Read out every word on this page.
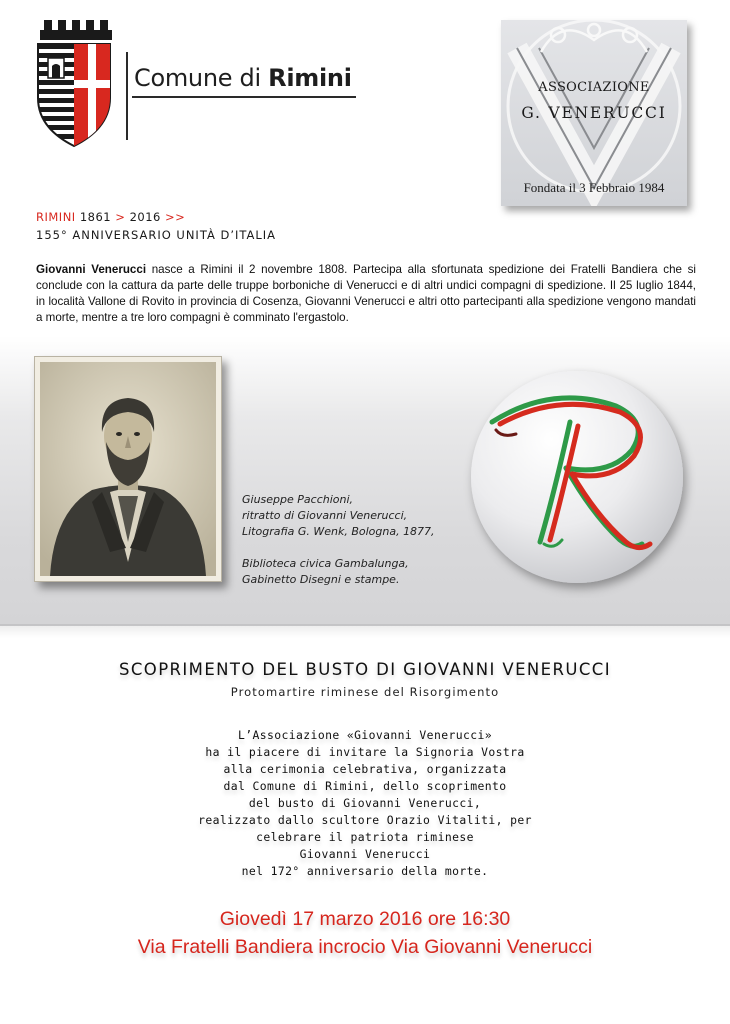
Comune di Rimini	ASSOCIAZIONE
G. VENERUCCI
Fondata il 3 Febbraio 1984
RIMINI 1861 > 2016 >>
155° ANNIVERSARIO UNITÀ D’ITALIA
Giovanni Venerucci nasce a Rimini il 2 novembre 1808. Partecipa alla sfortunata spedizione dei Fratelli Bandiera che si conclude con la cattura da parte delle truppe borboniche di Venerucci e di altri undici compagni di spedizione. Il 25 luglio 1844, in località Vallone di Rovito in provincia di Cosenza, Giovanni Venerucci e altri otto partecipanti alla spedizione vengono mandati a morte, mentre a tre loro compagni è comminato l'ergastolo.
Giuseppe Pacchioni,
ritratto di Giovanni Venerucci,
Litografia G. Wenk, Bologna, 1877,
Biblioteca civica Gambalunga,
Gabinetto Disegni e stampe.
SCOPRIMENTO DEL BUSTO DI GIOVANNI VENERUCCI
Protomartire riminese del Risorgimento
L’Associazione «Giovanni Venerucci»
ha il piacere di invitare la Signoria Vostra
alla cerimonia celebrativa, organizzata
dal Comune di Rimini, dello scoprimento
del busto di Giovanni Venerucci,
realizzato dallo scultore Orazio Vitaliti, per
celebrare il patriota riminese
Giovanni Venerucci
nel 172° anniversario della morte.
Giovedì 17 marzo 2016 ore 16:30
Via Fratelli Bandiera incrocio Via Giovanni Venerucci
